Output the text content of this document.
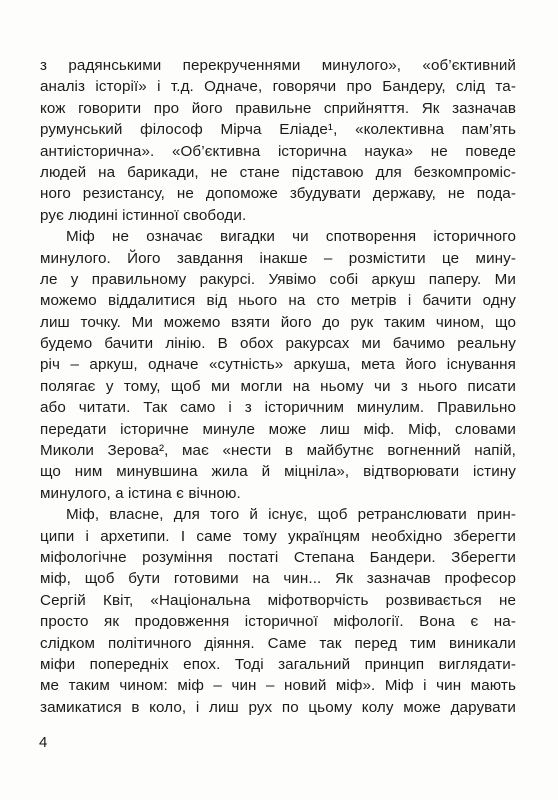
з радянськими перекрученнями минулого», «об’єктивний
аналіз історії» і т.д. Одначе, говорячи про Бандеру, слід та-
кож говорити про його правильне сприйняття. Як зазначав
румунський філософ Мірча Еліаде¹, «колективна пам’ять
антиісторична». «Об’єктивна історична наука» не поведе
людей на барикади, не стане підставою для безкомпроміс-
ного резистансу, не допоможе збудувати державу, не пода-
рує людині істинної свободи.
Міф не означає вигадки чи спотворення історичного
минулого. Його завдання інакше – розмістити це мину-
ле у правильному ракурсі. Уявімо собі аркуш паперу. Ми
можемо віддалитися від нього на сто метрів і бачити одну
лиш точку. Ми можемо взяти його до рук таким чином, що
будемо бачити лінію. В обох ракурсах ми бачимо реальну
річ – аркуш, одначе «сутність» аркуша, мета його існування
полягає у тому, щоб ми могли на ньому чи з нього писати
або читати. Так само і з історичним минулим. Правильно
передати історичне минуле може лиш міф. Міф, словами
Миколи Зерова², має «нести в майбутнє вогненний напій,
що ним минувшина жила й міцніла», відтворювати істину
минулого, а істина є вічною.
Міф, власне, для того й існує, щоб ретранслювати прин-
ципи і архетипи. І саме тому українцям необхідно зберегти
міфологічне розуміння постаті Степана Бандери. Зберегти
міф, щоб бути готовими на чин... Як зазначав професор
Сергій Квіт, «Національна міфотворчість розвивається не
просто як продовження історичної міфології. Вона є на-
слідком політичного діяння. Саме так перед тим виникали
міфи попередніх епох. Тоді загальний принцип виглядати-
ме таким чином: міф – чин – новий міф». Міф і чин мають
замикатися в коло, і лиш рух по цьому колу може дарувати
4
